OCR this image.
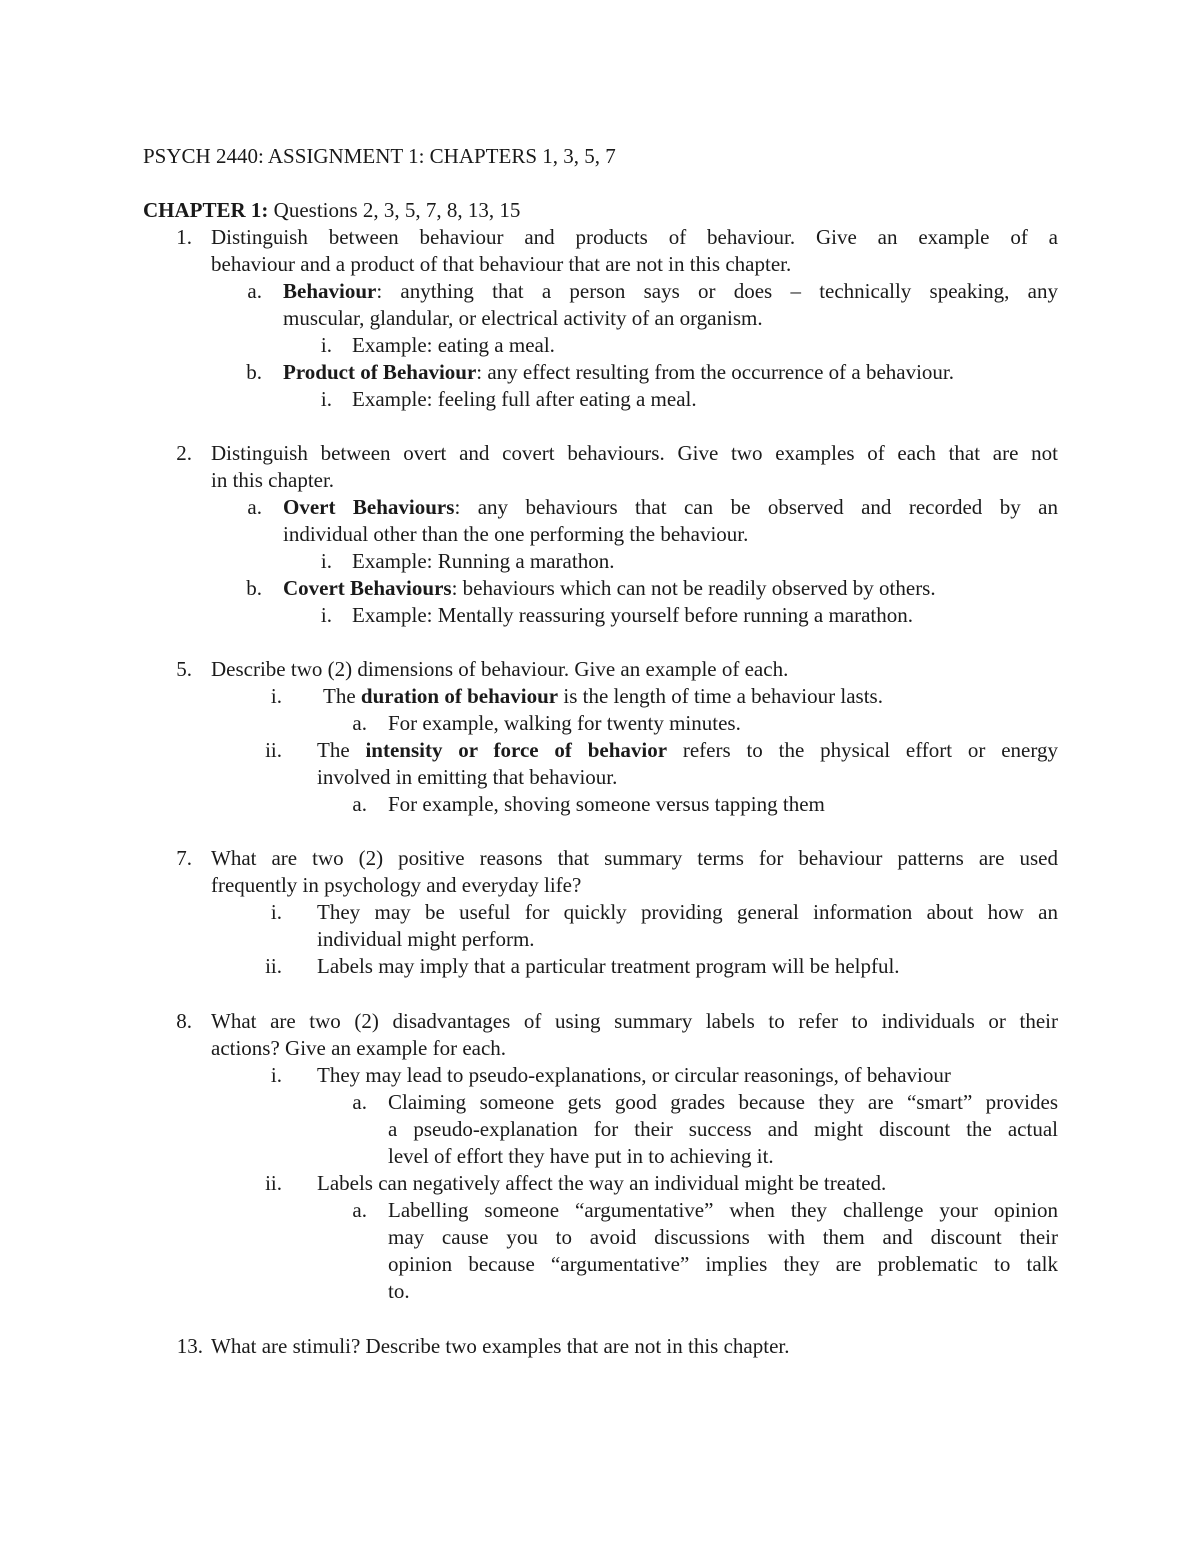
PSYCH 2440: ASSIGNMENT 1: CHAPTERS 1, 3, 5, 7
CHAPTER 1: Questions 2, 3, 5, 7, 8, 13, 15
1. Distinguish between behaviour and products of behaviour. Give an example of a
behaviour and a product of that behaviour that are not in this chapter.
a. Behaviour: anything that a person says or does – technically speaking, any
muscular, glandular, or electrical activity of an organism.
i. Example: eating a meal.
b. Product of Behaviour: any effect resulting from the occurrence of a behaviour.
i. Example: feeling full after eating a meal.
2. Distinguish between overt and covert behaviours. Give two examples of each that are not
in this chapter.
a. Overt Behaviours: any behaviours that can be observed and recorded by an
individual other than the one performing the behaviour.
i. Example: Running a marathon.
b. Covert Behaviours: behaviours which can not be readily observed by others.
i. Example: Mentally reassuring yourself before running a marathon.
5. Describe two (2) dimensions of behaviour. Give an example of each.
i. The duration of behaviour is the length of time a behaviour lasts.
a. For example, walking for twenty minutes.
ii. The intensity or force of behavior refers to the physical effort or energy
involved in emitting that behaviour.
a. For example, shoving someone versus tapping them
7. What are two (2) positive reasons that summary terms for behaviour patterns are used
frequently in psychology and everyday life?
i. They may be useful for quickly providing general information about how an
individual might perform.
ii. Labels may imply that a particular treatment program will be helpful.
8. What are two (2) disadvantages of using summary labels to refer to individuals or their
actions? Give an example for each.
i. They may lead to pseudo-explanations, or circular reasonings, of behaviour
a. Claiming someone gets good grades because they are “smart” provides
a pseudo-explanation for their success and might discount the actual
level of effort they have put in to achieving it.
ii. Labels can negatively affect the way an individual might be treated.
a. Labelling someone “argumentative” when they challenge your opinion
may cause you to avoid discussions with them and discount their
opinion because “argumentative” implies they are problematic to talk
to.
13. What are stimuli? Describe two examples that are not in this chapter.
